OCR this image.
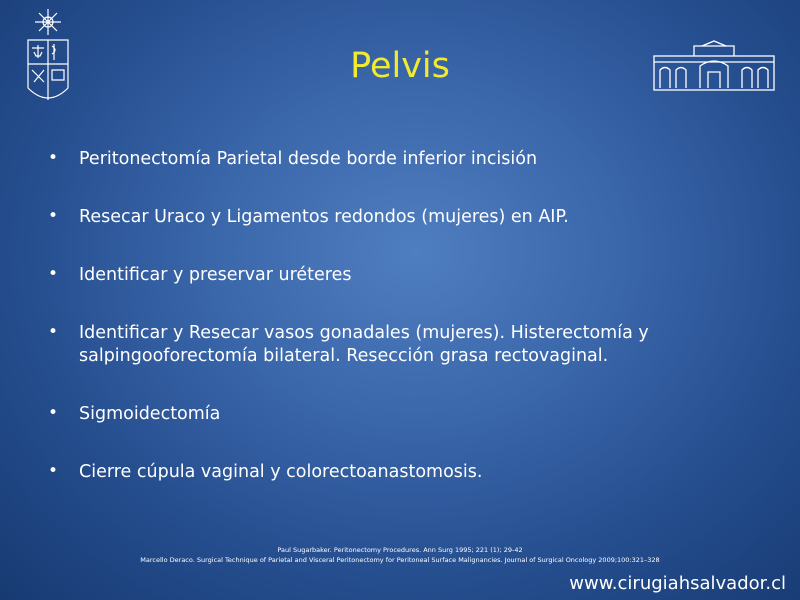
Pelvis
• Peritonectomía Parietal desde borde inferior incisión
• Resecar Uraco y Ligamentos redondos (mujeres) en AIP.
• Identificar y preservar uréteres
• Identificar y Resecar vasos gonadales (mujeres). Histerectomía y salpingooforectomía bilateral. Resección grasa rectovaginal.
• Sigmoidectomía
• Cierre cúpula vaginal y colorectoanastomosis.
Paul Sugarbaker. Peritonectomy Procedures. Ann Surg 1995; 221 (1); 29-42
Marcello Deraco. Surgical Technique of Parietal and Visceral Peritonectomy for Peritoneal Surface Malignancies. Journal of Surgical Oncology 2009;100:321–328
www.cirugiahsalvador.cl
